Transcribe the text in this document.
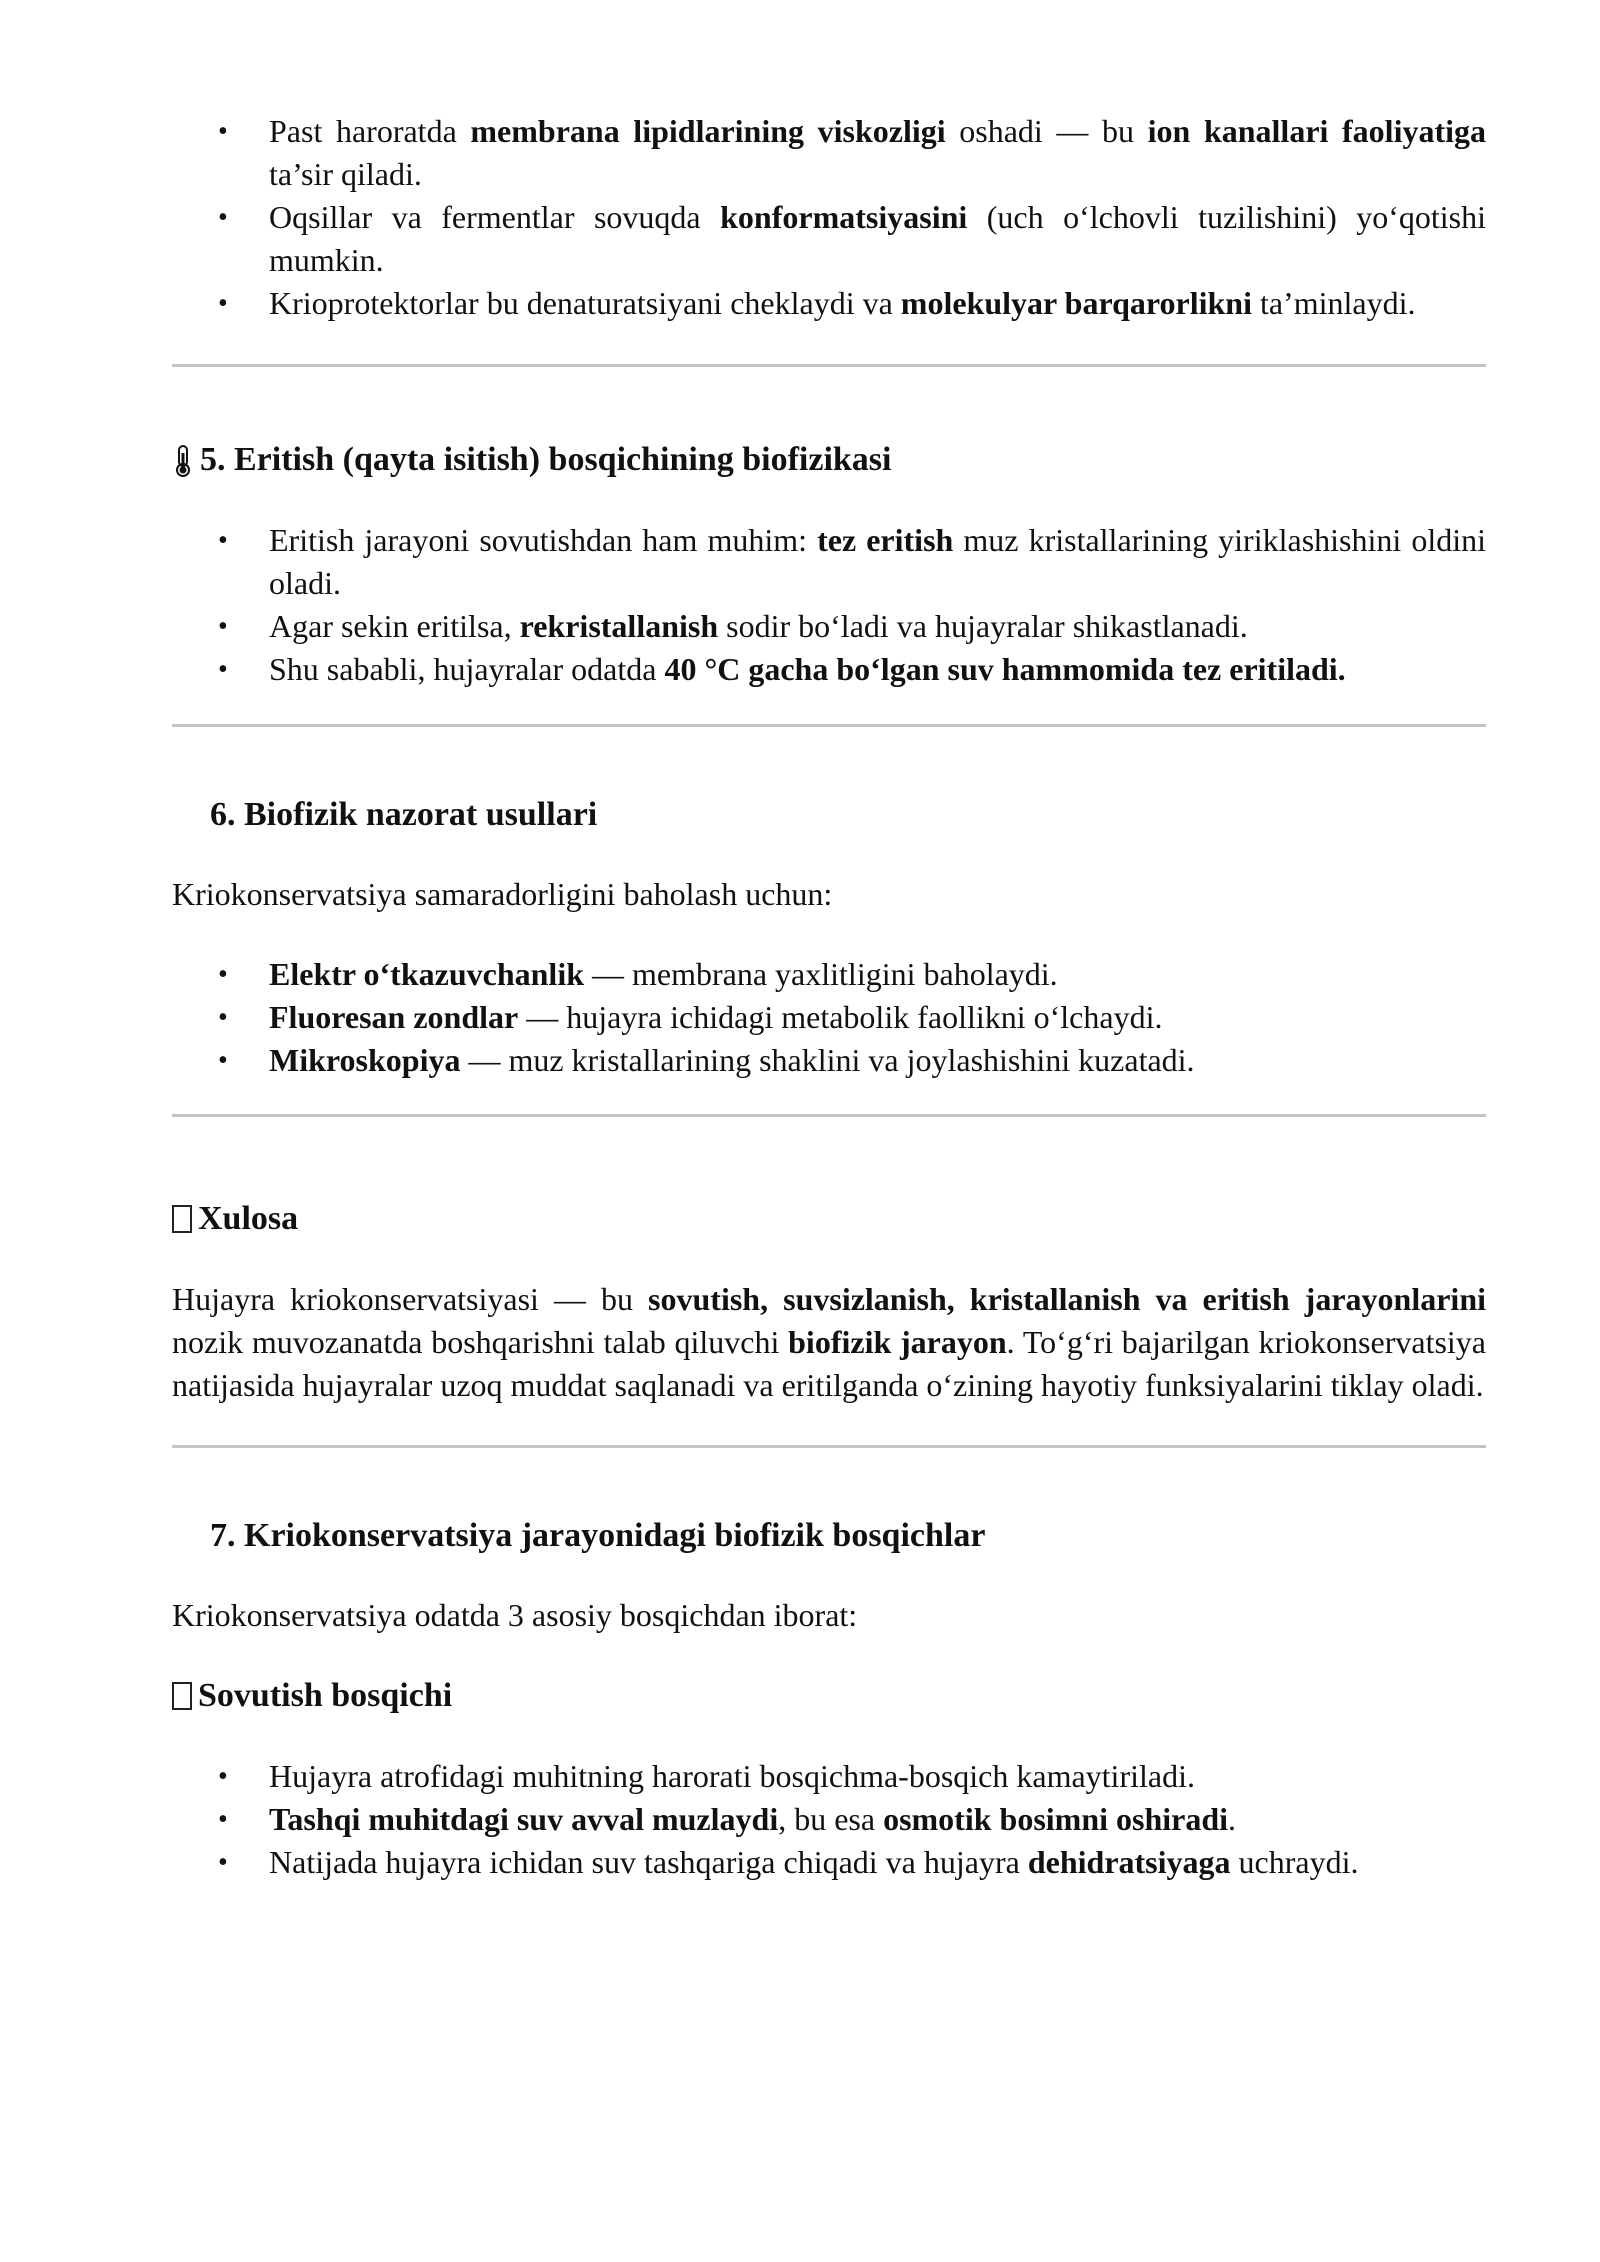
• Past haroratda membrana lipidlarining viskozligi oshadi — bu ion kanallari faoliyatiga ta’sir qiladi.
• Oqsillar va fermentlar sovuqda konformatsiyasini (uch o‘lchovli tuzilishini) yo‘qotishi mumkin.
• Krioprotektorlar bu denaturatsiyani cheklaydi va molekulyar barqarorlikni ta’minlaydi.
5. Eritish (qayta isitish) bosqichining biofizikasi
• Eritish jarayoni sovutishdan ham muhim: tez eritish muz kristallarining yiriklashishini oldini oladi.
• Agar sekin eritilsa, rekristallanish sodir bo‘ladi va hujayralar shikastlanadi.
• Shu sababli, hujayralar odatda 40 °C gacha bo‘lgan suv hammomida tez eritiladi.
6. Biofizik nazorat usullari

Kriokonservatsiya samaradorligini baholash uchun:

• Elektr o‘tkazuvchanlik — membrana yaxlitligini baholaydi.
• Fluoresan zondlar — hujayra ichidagi metabolik faollikni o‘lchaydi.
• Mikroskopiya — muz kristallarining shaklini va joylashishini kuzatadi.
Xulosa

Hujayra kriokonservatsiyasi — bu sovutish, suvsizlanish, kristallanish va eritish jarayonlarini nozik muvozanatda boshqarishni talab qiluvchi biofizik jarayon. To‘g‘ri bajarilgan kriokonservatsiya natijasida hujayralar uzoq muddat saqlanadi va eritilganda o‘zining hayotiy funksiyalarini tiklay oladi.

7. Kriokonservatsiya jarayonidagi biofizik bosqichlar

Kriokonservatsiya odatda 3 asosiy bosqichdan iborat:

Sovutish bosqichi
• Hujayra atrofidagi muhitning harorati bosqichma-bosqich kamaytiriladi.
• Tashqi muhitdagi suv avval muzlaydi, bu esa osmotik bosimni oshiradi.
• Natijada hujayra ichidan suv tashqariga chiqadi va hujayra dehidratsiyaga uchraydi.
